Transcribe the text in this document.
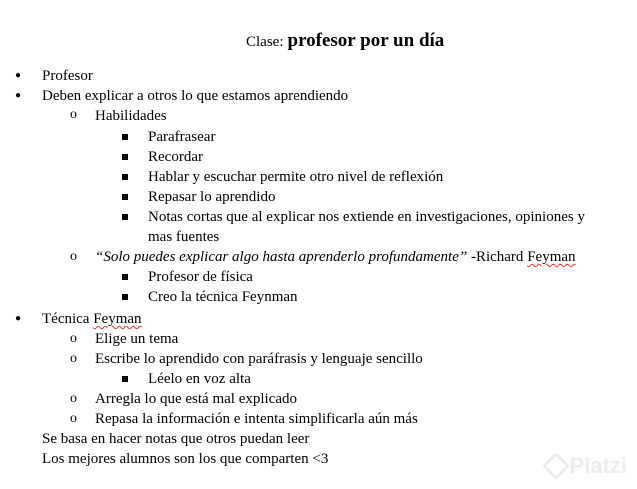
Clase: profesor por un día
● Profesor
● Deben explicar a otros lo que estamos aprendiendo
o Habilidades
Parafrasear
Recordar
Hablar y escuchar permite otro nivel de reflexión
Repasar lo aprendido
Notas cortas que al explicar nos extiende en investigaciones, opiniones y
mas fuentes
o “Solo puedes explicar algo hasta aprenderlo profundamente” -Richard Feyman
Profesor de física
Creo la técnica Feynman
● Técnica Feyman
o Elige un tema
o Escribe lo aprendido con paráfrasis y lenguaje sencillo
Léelo en voz alta
o Arregla lo que está mal explicado
o Repasa la información e intenta simplificarla aún más
Se basa en hacer notas que otros puedan leer
Los mejores alumnos son los que comparten <3	Platzi
